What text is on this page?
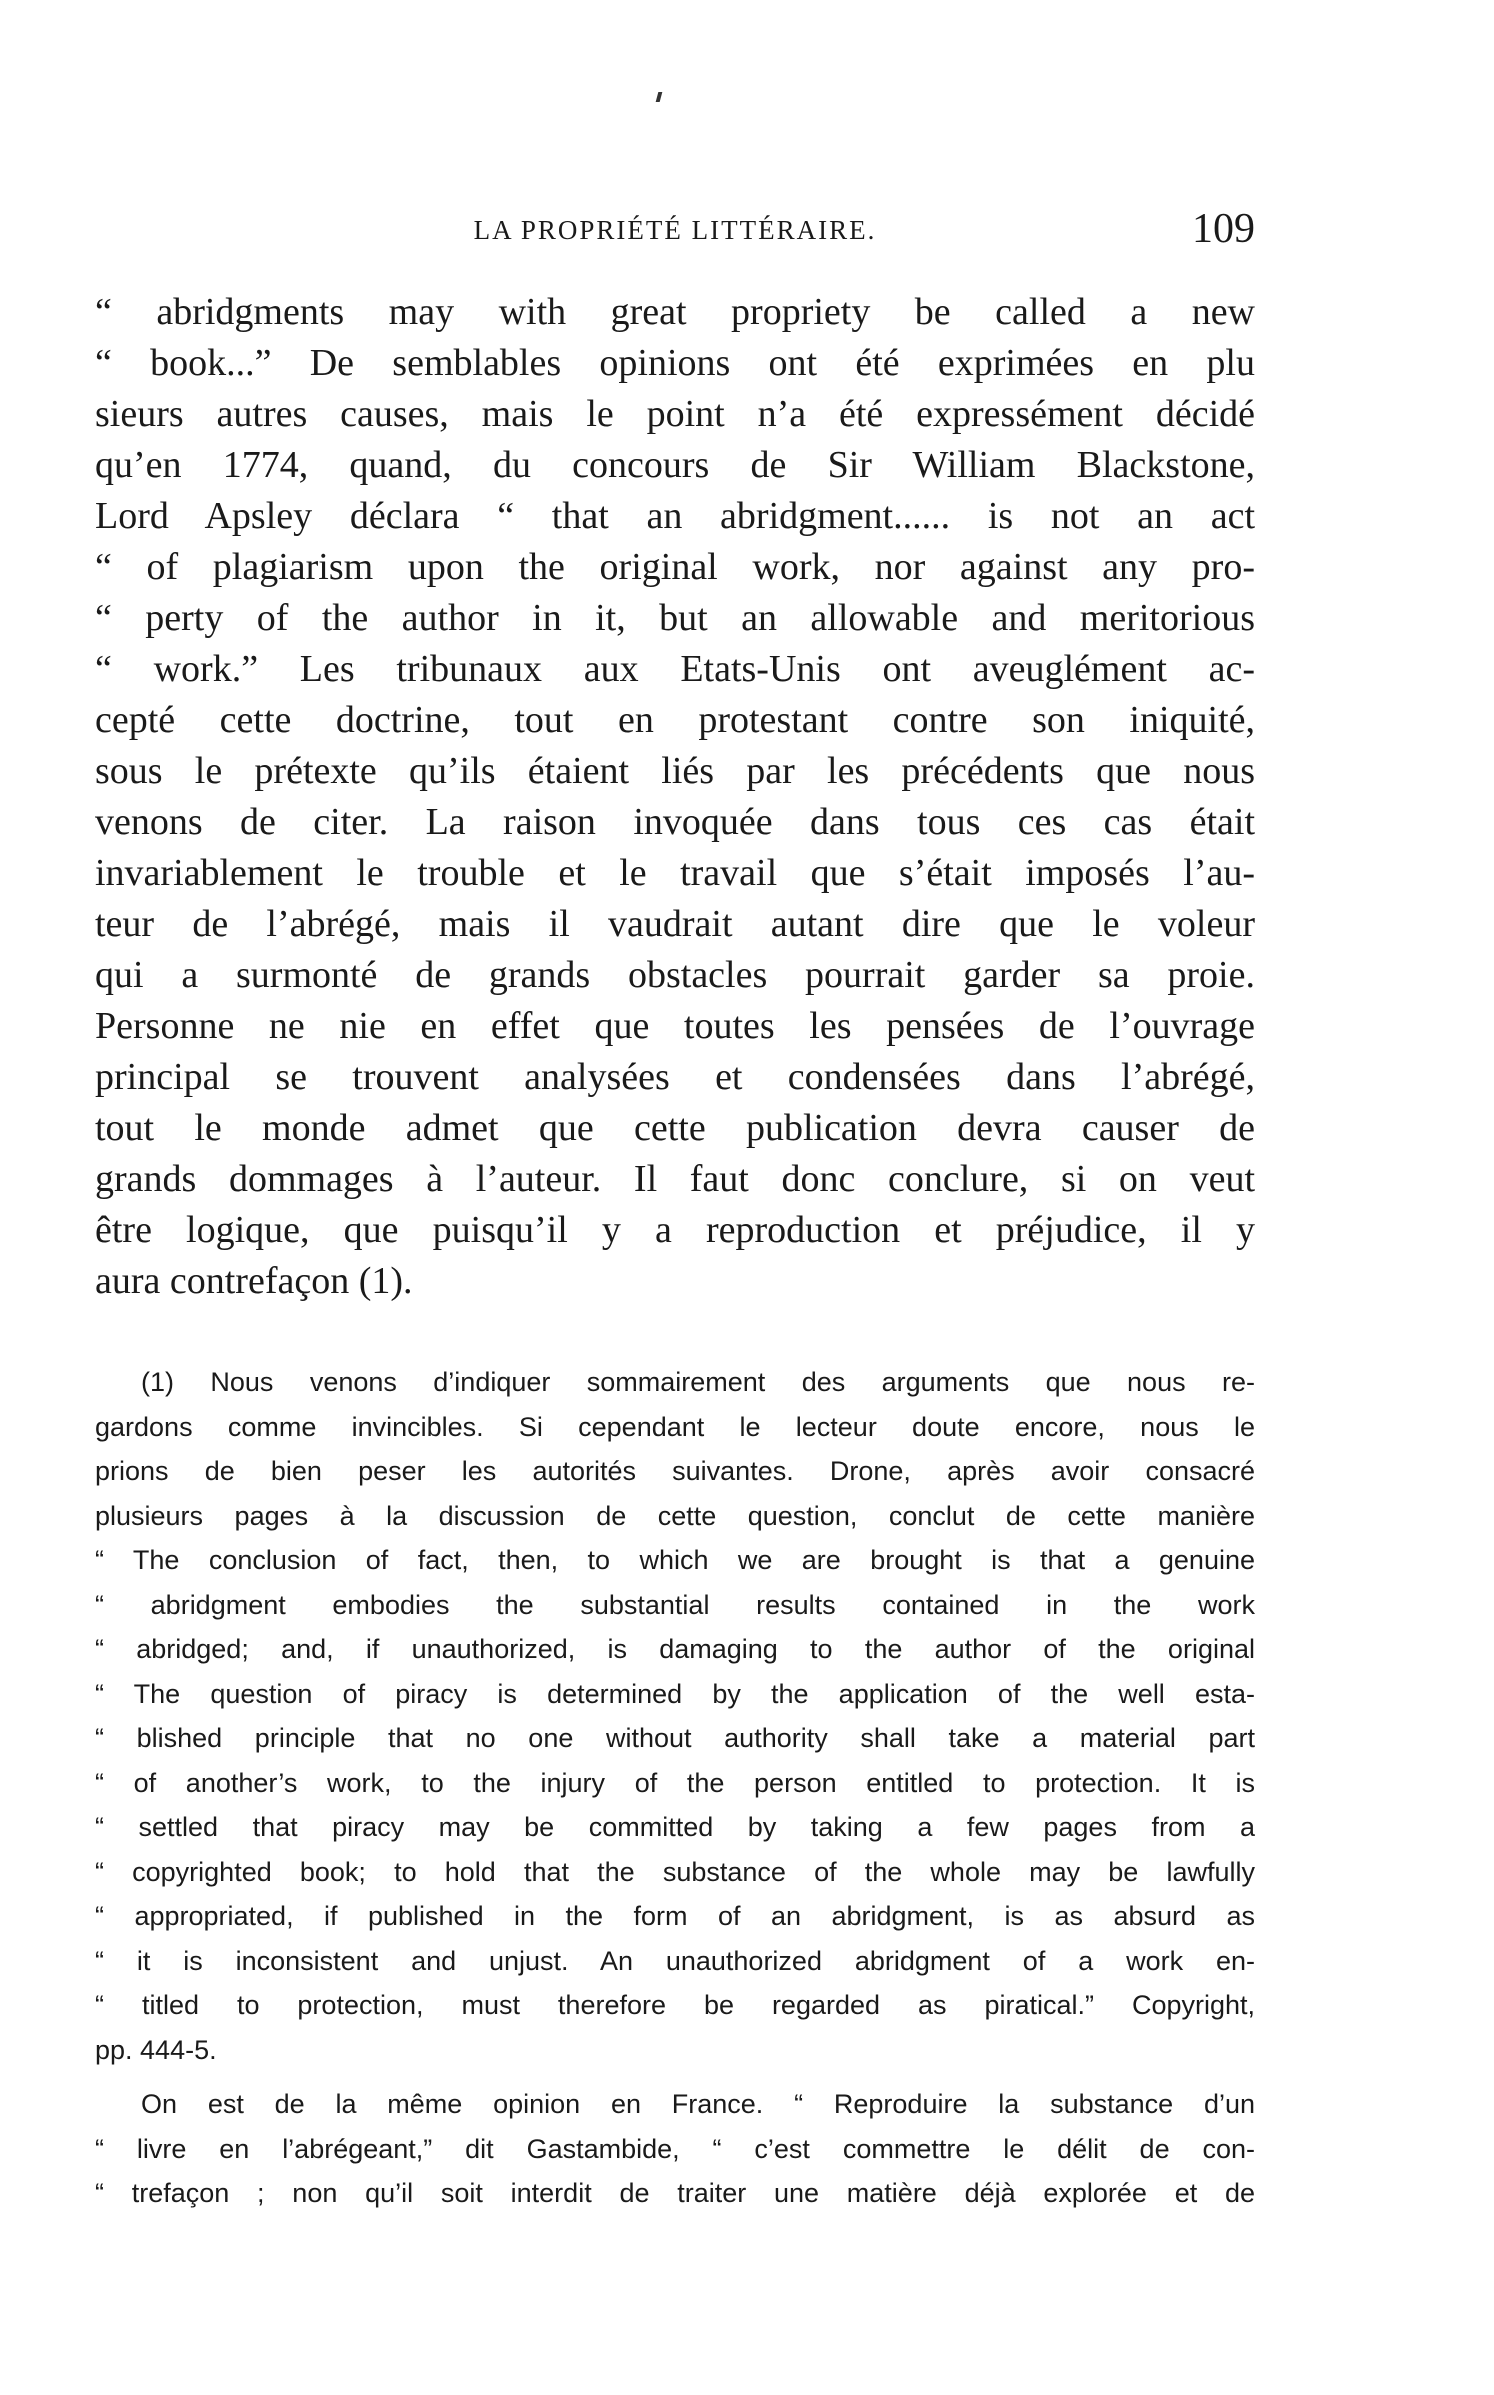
LA PROPRIÉTÉ LITTÉRAIRE.	109
“ abridgments may with great propriety be called a new
“ book...” De semblables opinions ont été exprimées en plu
sieurs autres causes, mais le point n’a été expressément décidé
qu’en 1774, quand, du concours de Sir William Blackstone,
Lord Apsley déclara “ that an abridgment...... is not an act
“ of plagiarism upon the original work, nor against any pro-
“ perty of the author in it, but an allowable and meritorious
“ work.” Les tribunaux aux Etats-Unis ont aveuglément ac-
cepté cette doctrine, tout en protestant contre son iniquité,
sous le prétexte qu’ils étaient liés par les précédents que nous
venons de citer. La raison invoquée dans tous ces cas était
invariablement le trouble et le travail que s’était imposés l’au-
teur de l’abrégé, mais il vaudrait autant dire que le voleur
qui a surmonté de grands obstacles pourrait garder sa proie.
Personne ne nie en effet que toutes les pensées de l’ouvrage
principal se trouvent analysées et condensées dans l’abrégé,
tout le monde admet que cette publication devra causer de
grands dommages à l’auteur. Il faut donc conclure, si on veut
être logique, que puisqu’il y a reproduction et préjudice, il y
aura contrefaçon (1).
(1) Nous venons d’indiquer sommairement des arguments que nous re-
gardons comme invincibles. Si cependant le lecteur doute encore, nous le
prions de bien peser les autorités suivantes. Drone, après avoir consacré
plusieurs pages à la discussion de cette question, conclut de cette manière
“ The conclusion of fact, then, to which we are brought is that a genuine
“ abridgment embodies the substantial results contained in the work
“ abridged; and, if unauthorized, is damaging to the author of the original
“ The question of piracy is determined by the application of the well esta-
“ blished principle that no one without authority shall take a material part
“ of another’s work, to the injury of the person entitled to protection. It is
“ settled that piracy may be committed by taking a few pages from a
“ copyrighted book; to hold that the substance of the whole may be lawfully
“ appropriated, if published in the form of an abridgment, is as absurd as
“ it is inconsistent and unjust. An unauthorized abridgment of a work en-
“ titled to protection, must therefore be regarded as piratical.” Copyright,
pp. 444-5.
On est de la même opinion en France. “ Reproduire la substance d’un
“ livre en l’abrégeant,” dit Gastambide, “ c’est commettre le délit de con-
“ trefaçon ; non qu’il soit interdit de traiter une matière déjà explorée et de
